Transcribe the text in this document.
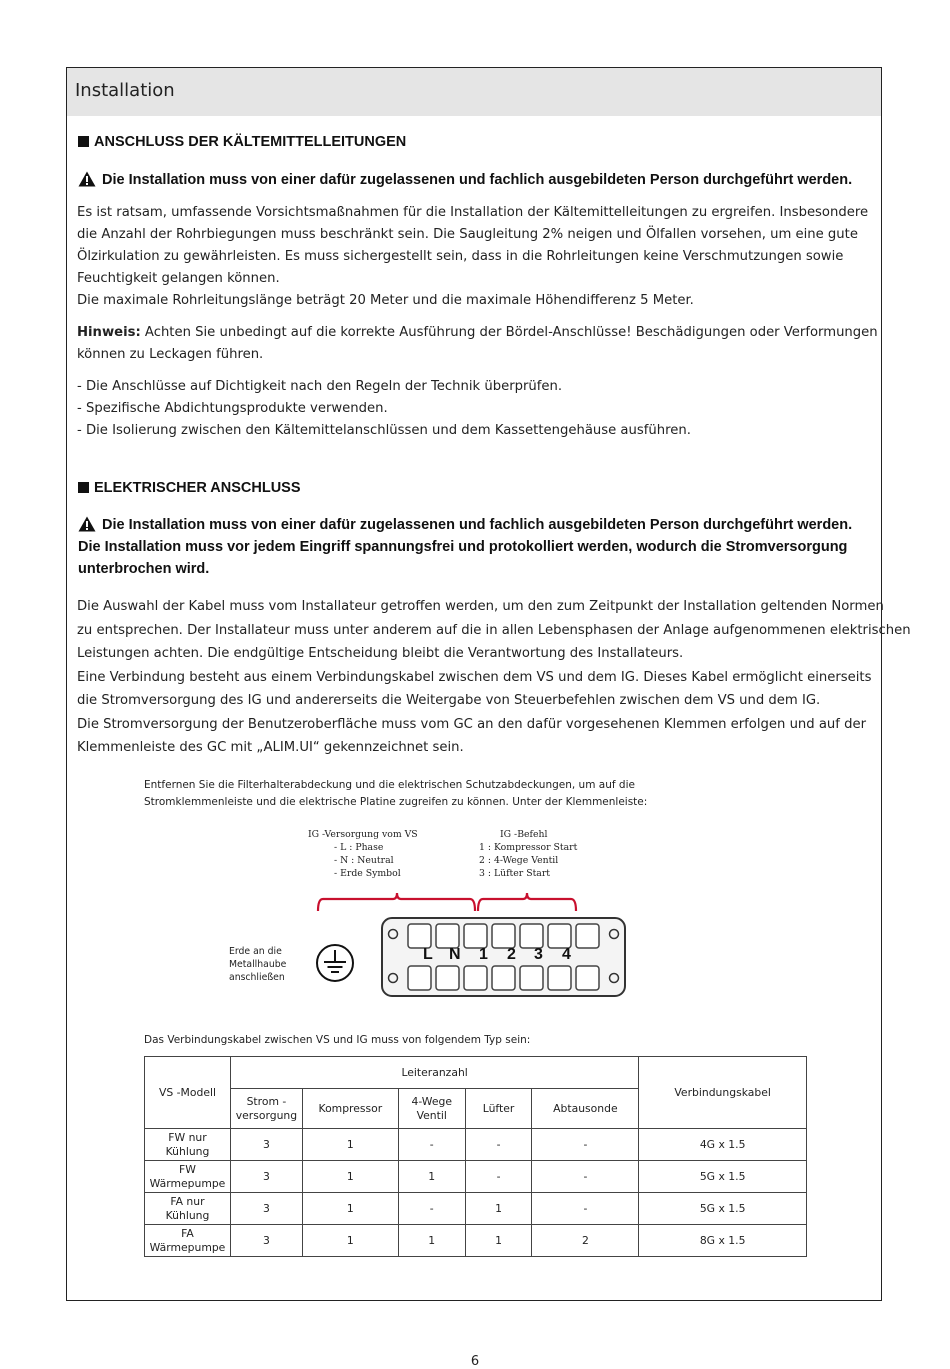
Installation
ANSCHLUSS DER KÄLTEMITTELLEITUNGEN
Die Installation muss von einer dafür zugelassenen und fachlich ausgebildeten Person durchgeführt werden.
Es ist ratsam, umfassende Vorsichtsmaßnahmen für die Installation der Kältemittelleitungen zu ergreifen. Insbesondere
die Anzahl der Rohrbiegungen muss beschränkt sein. Die Saugleitung 2% neigen und Ölfallen vorsehen, um eine gute
Ölzirkulation zu gewährleisten. Es muss sichergestellt sein, dass in die Rohrleitungen keine Verschmutzungen sowie
Feuchtigkeit gelangen können.
Die maximale Rohrleitungslänge beträgt 20 Meter und die maximale Höhendifferenz 5 Meter.
Hinweis: Achten Sie unbedingt auf die korrekte Ausführung der Bördel-Anschlüsse! Beschädigungen oder Verformungen
können zu Leckagen führen.
- Die Anschlüsse auf Dichtigkeit nach den Regeln der Technik überprüfen.
- Spezifische Abdichtungsprodukte verwenden.
- Die Isolierung zwischen den Kältemittelanschlüssen und dem Kassettengehäuse ausführen.
ELEKTRISCHER ANSCHLUSS
Die Installation muss von einer dafür zugelassenen und fachlich ausgebildeten Person durchgeführt werden.
Die Installation muss vor jedem Eingriff spannungsfrei und protokolliert werden, wodurch die Stromversorgung
unterbrochen wird.
Die Auswahl der Kabel muss vom Installateur getroffen werden, um den zum Zeitpunkt der Installation geltenden Normen
zu entsprechen. Der Installateur muss unter anderem auf die in allen Lebensphasen der Anlage aufgenommenen elektrischen
Leistungen achten. Die endgültige Entscheidung bleibt die Verantwortung des Installateurs.
Eine Verbindung besteht aus einem Verbindungskabel zwischen dem VS und dem IG. Dieses Kabel ermöglicht einerseits
die Stromversorgung des IG und andererseits die Weitergabe von Steuerbefehlen zwischen dem VS und dem IG.
Die Stromversorgung der Benutzeroberfläche muss vom GC an den dafür vorgesehenen Klemmen erfolgen und auf der
Klemmenleiste des GC mit „ALIM.UI“ gekennzeichnet sein.
Entfernen Sie die Filterhalterabdeckung und die elektrischen Schutzabdeckungen, um auf die
Stromklemmenleiste und die elektrische Platine zugreifen zu können. Unter der Klemmenleiste:
IG -Versorgung vom VS
- L : Phase
- N : Neutral
- Erde Symbol
IG -Befehl
1 : Kompressor Start
2 : 4-Wege Ventil
3 : Lüfter Start
Erde an die
Metallhaube
anschließen
L N 1 2 3 4
Das Verbindungskabel zwischen VS und IG muss von folgendem Typ sein:
VS -Modell	Leiteranzahl					Verbindungskabel
	Strom -
versorgung	Kompressor	4-Wege
Ventil	Lüfter	Abtausonde	
FW nur
Kühlung	3	1	-	-	-	4G x 1.5
FW
Wärmepumpe	3	1	1	-	-	5G x 1.5
FA nur
Kühlung	3	1	-	1	-	5G x 1.5
FA
Wärmepumpe	3	1	1	1	2	8G x 1.5
6
